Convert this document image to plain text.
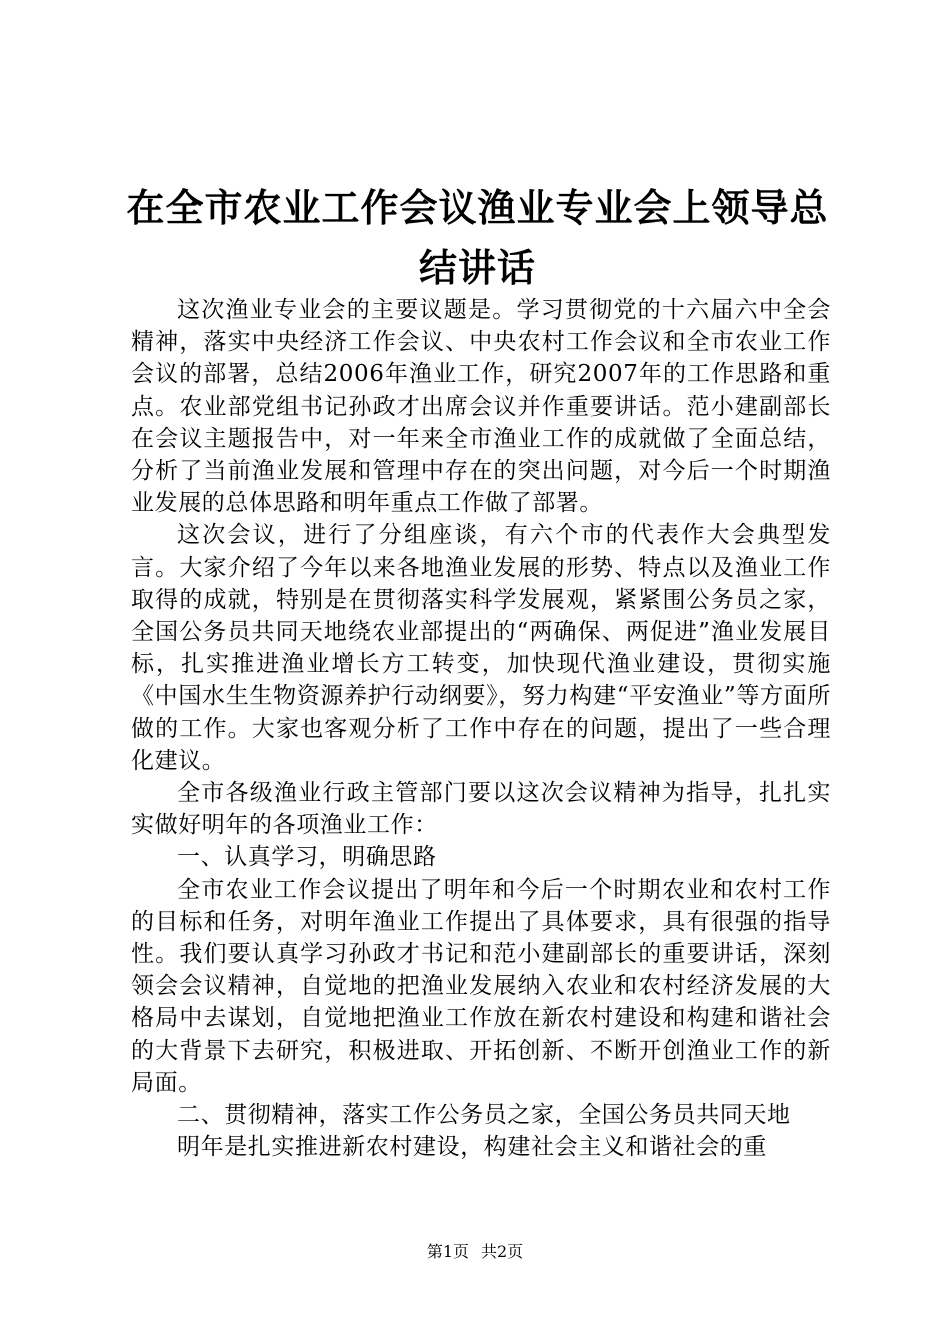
在全市农业工作会议渔业专业会上领导总结讲话

这次渔业专业会的主要议题是。学习贯彻党的十六届六中全会精神，落实中央经济工作会议、中央农村工作会议和全市农业工作会议的部署，总结2006年渔业工作，研究2007年的工作思路和重点。农业部党组书记孙政才出席会议并作重要讲话。范小建副部长在会议主题报告中，对一年来全市渔业工作的成就做了全面总结，分析了当前渔业发展和管理中存在的突出问题，对今后一个时期渔业发展的总体思路和明年重点工作做了部署。

这次会议，进行了分组座谈，有六个市的代表作大会典型发言。大家介绍了今年以来各地渔业发展的形势、特点以及渔业工作取得的成就，特别是在贯彻落实科学发展观，紧紧围公务员之家，全国公务员共同天地绕农业部提出的“两确保、两促进”渔业发展目标，扎实推进渔业增长方工转变，加快现代渔业建设，贯彻实施《中国水生生物资源养护行动纲要》，努力构建“平安渔业”等方面所做的工作。大家也客观分析了工作中存在的问题，提出了一些合理化建议。

全市各级渔业行政主管部门要以这次会议精神为指导，扎扎实实做好明年的各项渔业工作：

一、认真学习，明确思路

全市农业工作会议提出了明年和今后一个时期农业和农村工作的目标和任务，对明年渔业工作提出了具体要求，具有很强的指导性。我们要认真学习孙政才书记和范小建副部长的重要讲话，深刻领会会议精神，自觉地的把渔业发展纳入农业和农村经济发展的大格局中去谋划，自觉地把渔业工作放在新农村建设和构建和谐社会的大背景下去研究，积极进取、开拓创新、不断开创渔业工作的新局面。

二、贯彻精神，落实工作公务员之家，全国公务员共同天地

明年是扎实推进新农村建设，构建社会主义和谐社会的重

第1页 共2页
